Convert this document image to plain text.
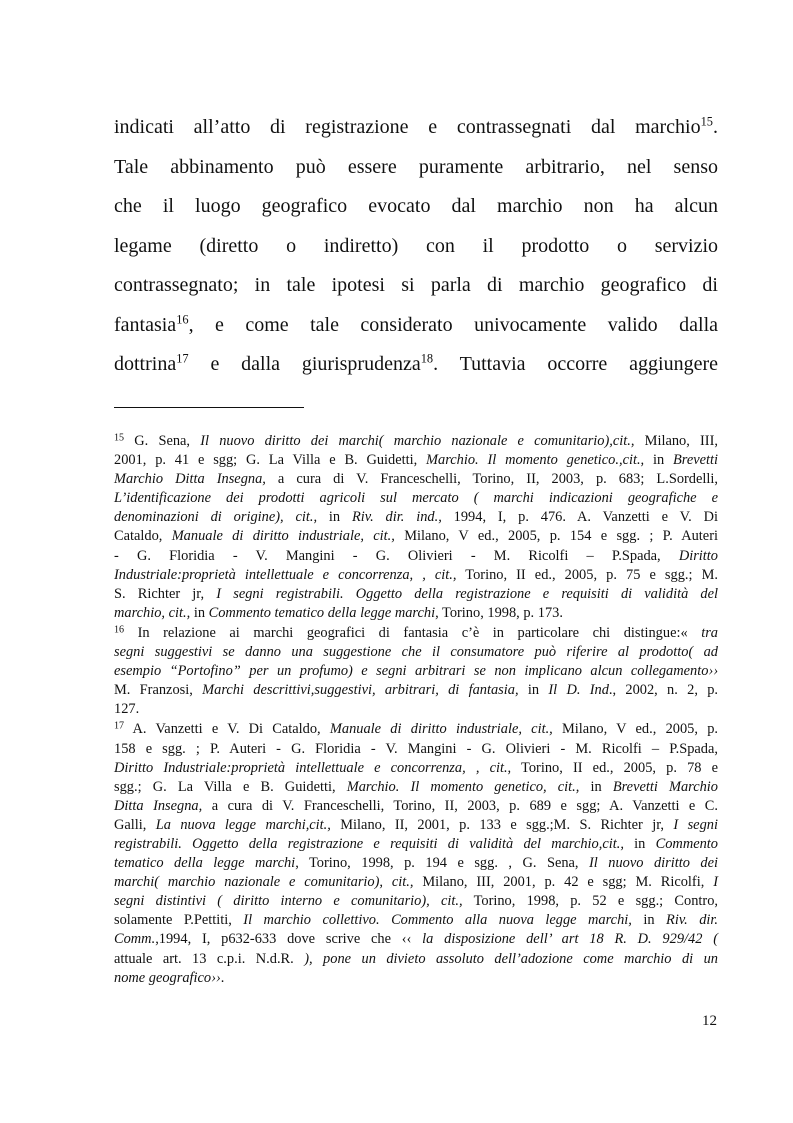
indicati all’atto di registrazione e contrassegnati dal marchio$^{15}$.
Tale abbinamento può essere puramente arbitrario, nel senso
che il luogo geografico evocato dal marchio non ha alcun
legame (diretto o indiretto) con il prodotto o servizio
contrassegnato; in tale ipotesi si parla di marchio geografico di
fantasia$^{16}$, e come tale considerato univocamente valido dalla
dottrina$^{17}$ e dalla giurisprudenza$^{18}$. Tuttavia occorre aggiungere
$^{15}$ G. Sena, Il nuovo diritto dei marchi( marchio nazionale e comunitario),cit., Milano, III,
2001, p. 41 e sgg; G. La Villa e B. Guidetti, Marchio. Il momento genetico.,cit., in Brevetti
Marchio Ditta Insegna, a cura di V. Franceschelli, Torino, II, 2003, p. 683; L.Sordelli,
L’identificazione dei prodotti agricoli sul mercato ( marchi indicazioni geografiche e
denominazioni di origine), cit., in Riv. dir. ind., 1994, I, p. 476. A. Vanzetti e V. Di
Cataldo, Manuale di diritto industriale, cit., Milano, V ed., 2005, p. 154 e sgg. ; P. Auteri
- G. Floridia - V. Mangini - G. Olivieri - M. Ricolfi – P.Spada, Diritto
Industriale:proprietà intellettuale e concorrenza, , cit., Torino, II ed., 2005, p. 75 e sgg.; M.
S. Richter jr, I segni registrabili. Oggetto della registrazione e requisiti di validità del
marchio, cit., in Commento tematico della legge marchi, Torino, 1998, p. 173.
$^{16}$ In relazione ai marchi geografici di fantasia c’è in particolare chi distingue:« tra
segni suggestivi se danno una suggestione che il consumatore può riferire al prodotto( ad
esempio “Portofino” per un profumo) e segni arbitrari se non implicano alcun collegamento››
M. Franzosi, Marchi descrittivi,suggestivi, arbitrari, di fantasia, in Il D. Ind., 2002, n. 2, p.
127.
$^{17}$ A. Vanzetti e V. Di Cataldo, Manuale di diritto industriale, cit., Milano, V ed., 2005, p.
158 e sgg. ; P. Auteri - G. Floridia - V. Mangini - G. Olivieri - M. Ricolfi – P.Spada,
Diritto Industriale:proprietà intellettuale e concorrenza, , cit., Torino, II ed., 2005, p. 78 e
sgg.; G. La Villa e B. Guidetti, Marchio. Il momento genetico, cit., in Brevetti Marchio
Ditta Insegna, a cura di V. Franceschelli, Torino, II, 2003, p. 689 e sgg; A. Vanzetti e C.
Galli, La nuova legge marchi,cit., Milano, II, 2001, p. 133 e sgg.;M. S. Richter jr, I segni
registrabili. Oggetto della registrazione e requisiti di validità del marchio,cit., in Commento
tematico della legge marchi, Torino, 1998, p. 194 e sgg. , G. Sena, Il nuovo diritto dei
marchi( marchio nazionale e comunitario), cit., Milano, III, 2001, p. 42 e sgg; M. Ricolfi, I
segni distintivi ( diritto interno e comunitario), cit., Torino, 1998, p. 52 e sgg.; Contro,
solamente P.Pettiti, Il marchio collettivo. Commento alla nuova legge marchi, in Riv. dir.
Comm.,1994, I, p632-633 dove scrive che ‹‹ la disposizione dell’ art 18 R. D. 929/42 (
attuale art. 13 c.p.i. N.d.R. ), pone un divieto assoluto dell’adozione come marchio di un
nome geografico››.
12
